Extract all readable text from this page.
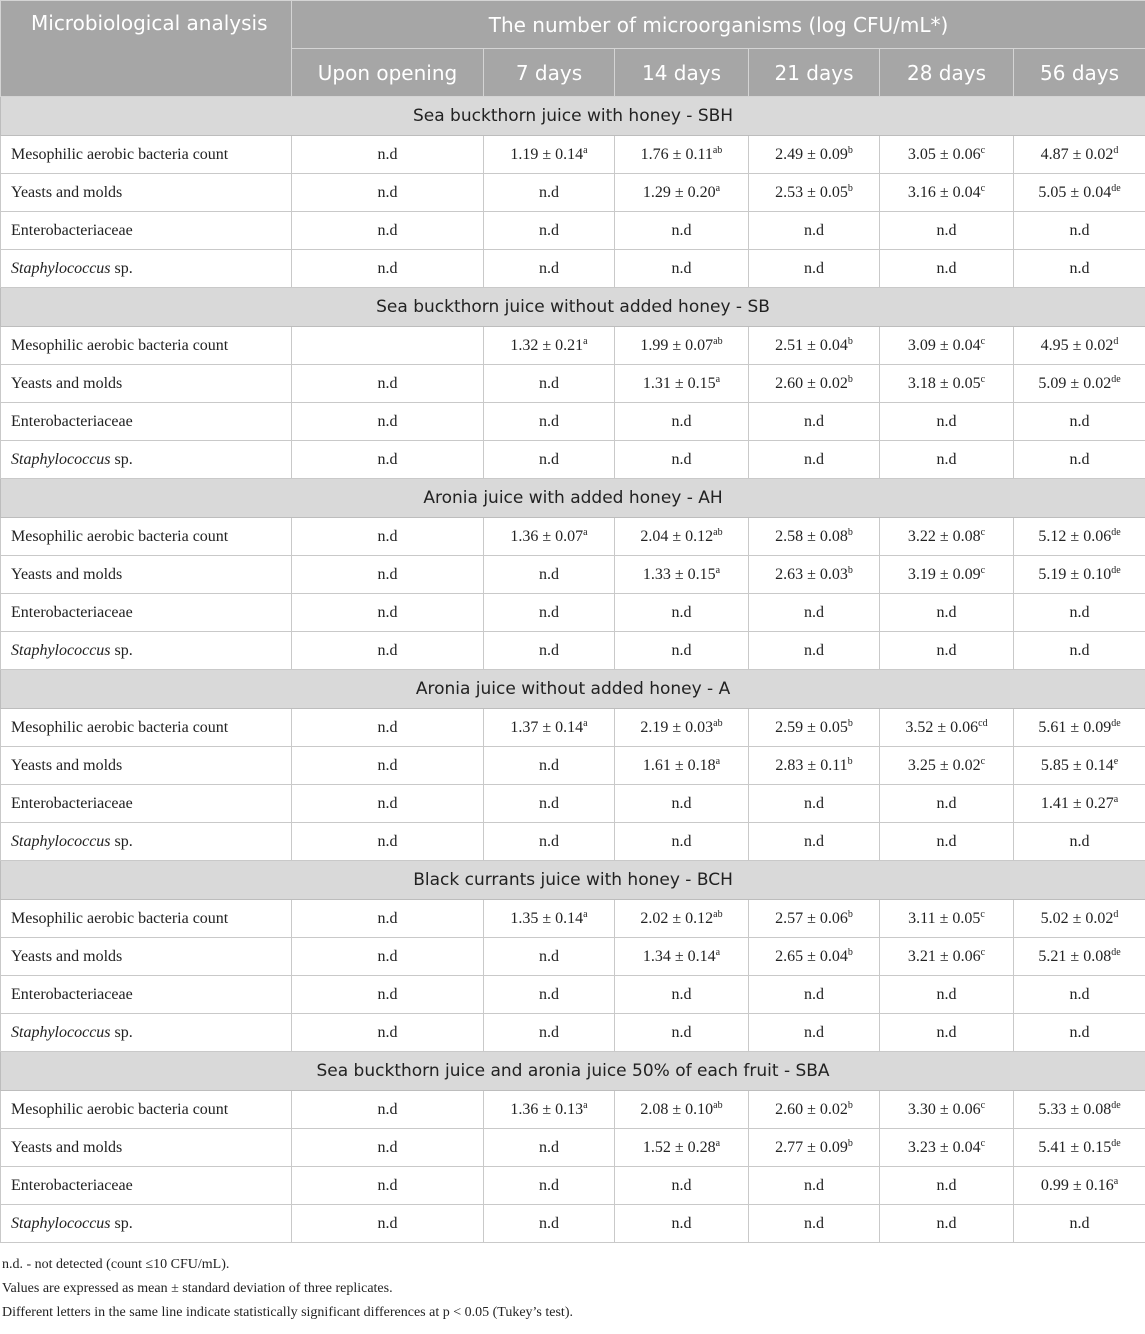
Microbiological analysis	The number of microorganisms (log CFU/mL*)					
	Upon opening	7 days	14 days	21 days	28 days	56 days
Sea buckthorn juice with honey - SBH						
Mesophilic aerobic bacteria count	n.d	1.19 ± 0.14$^a$	1.76 ± 0.11$^{ab}$	2.49 ± 0.09$^b$	3.05 ± 0.06$^c$	4.87 ± 0.02$^d$
Yeasts and molds	n.d	n.d	1.29 ± 0.20$^a$	2.53 ± 0.05$^b$	3.16 ± 0.04$^c$	5.05 ± 0.04de
Enterobacteriaceae	n.d	n.d	n.d	n.d	n.d	n.d
Staphylococcus sp.	n.d	n.d	n.d	n.d	n.d	n.d
Sea buckthorn juice without added honey - SB						
Mesophilic aerobic bacteria count		1.32 ± 0.21$^a$	1.99 ± 0.07$^{ab}$	2.51 ± 0.04$^b$	3.09 ± 0.04$^c$	4.95 ± 0.02$^d$
Yeasts and molds	n.d	n.d	1.31 ± 0.15$^a$	2.60 ± 0.02$^b$	3.18 ± 0.05$^c$	5.09 ± 0.02de
Enterobacteriaceae	n.d	n.d	n.d	n.d	n.d	n.d
Staphylococcus sp.	n.d	n.d	n.d	n.d	n.d	n.d
Aronia juice with added honey - AH						
Mesophilic aerobic bacteria count	n.d	1.36 ± 0.07$^a$	2.04 ± 0.12$^{ab}$	2.58 ± 0.08$^b$	3.22 ± 0.08$^c$	5.12 ± 0.06de
Yeasts and molds	n.d	n.d	1.33 ± 0.15$^a$	2.63 ± 0.03$^b$	3.19 ± 0.09$^c$	5.19 ± 0.10de
Enterobacteriaceae	n.d	n.d	n.d	n.d	n.d	n.d
Staphylococcus sp.	n.d	n.d	n.d	n.d	n.d	n.d
Aronia juice without added honey - A						
Mesophilic aerobic bacteria count	n.d	1.37 ± 0.14$^a$	2.19 ± 0.03$^{ab}$	2.59 ± 0.05$^b$	3.52 ± 0.06$^{cd}$	5.61 ± 0.09de
Yeasts and molds	n.d	n.d	1.61 ± 0.18$^a$	2.83 ± 0.11$^b$	3.25 ± 0.02$^c$	5.85 ± 0.14$^e$
Enterobacteriaceae	n.d	n.d	n.d	n.d	n.d	1.41 ± 0.27$^a$
Staphylococcus sp.	n.d	n.d	n.d	n.d	n.d	n.d
Black currants juice with honey - BCH						
Mesophilic aerobic bacteria count	n.d	1.35 ± 0.14$^a$	2.02 ± 0.12$^{ab}$	2.57 ± 0.06$^b$	3.11 ± 0.05$^c$	5.02 ± 0.02$^d$
Yeasts and molds	n.d	n.d	1.34 ± 0.14$^a$	2.65 ± 0.04$^b$	3.21 ± 0.06$^c$	5.21 ± 0.08de
Enterobacteriaceae	n.d	n.d	n.d	n.d	n.d	n.d
Staphylococcus sp.	n.d	n.d	n.d	n.d	n.d	n.d
Sea buckthorn juice and aronia juice 50% of each fruit - SBA						
Mesophilic aerobic bacteria count	n.d	1.36 ± 0.13$^a$	2.08 ± 0.10$^{ab}$	2.60 ± 0.02$^b$	3.30 ± 0.06$^c$	5.33 ± 0.08de
Yeasts and molds	n.d	n.d	1.52 ± 0.28$^a$	2.77 ± 0.09$^b$	3.23 ± 0.04$^c$	5.41 ± 0.15de
Enterobacteriaceae	n.d	n.d	n.d	n.d	n.d	0.99 ± 0.16$^a$
Staphylococcus sp.	n.d	n.d	n.d	n.d	n.d	n.d
n.d. - not detected (count ≤10 CFU/mL).
Values are expressed as mean ± standard deviation of three replicates.
Different letters in the same line indicate statistically significant differences at p < 0.05 (Tukey’s test).
